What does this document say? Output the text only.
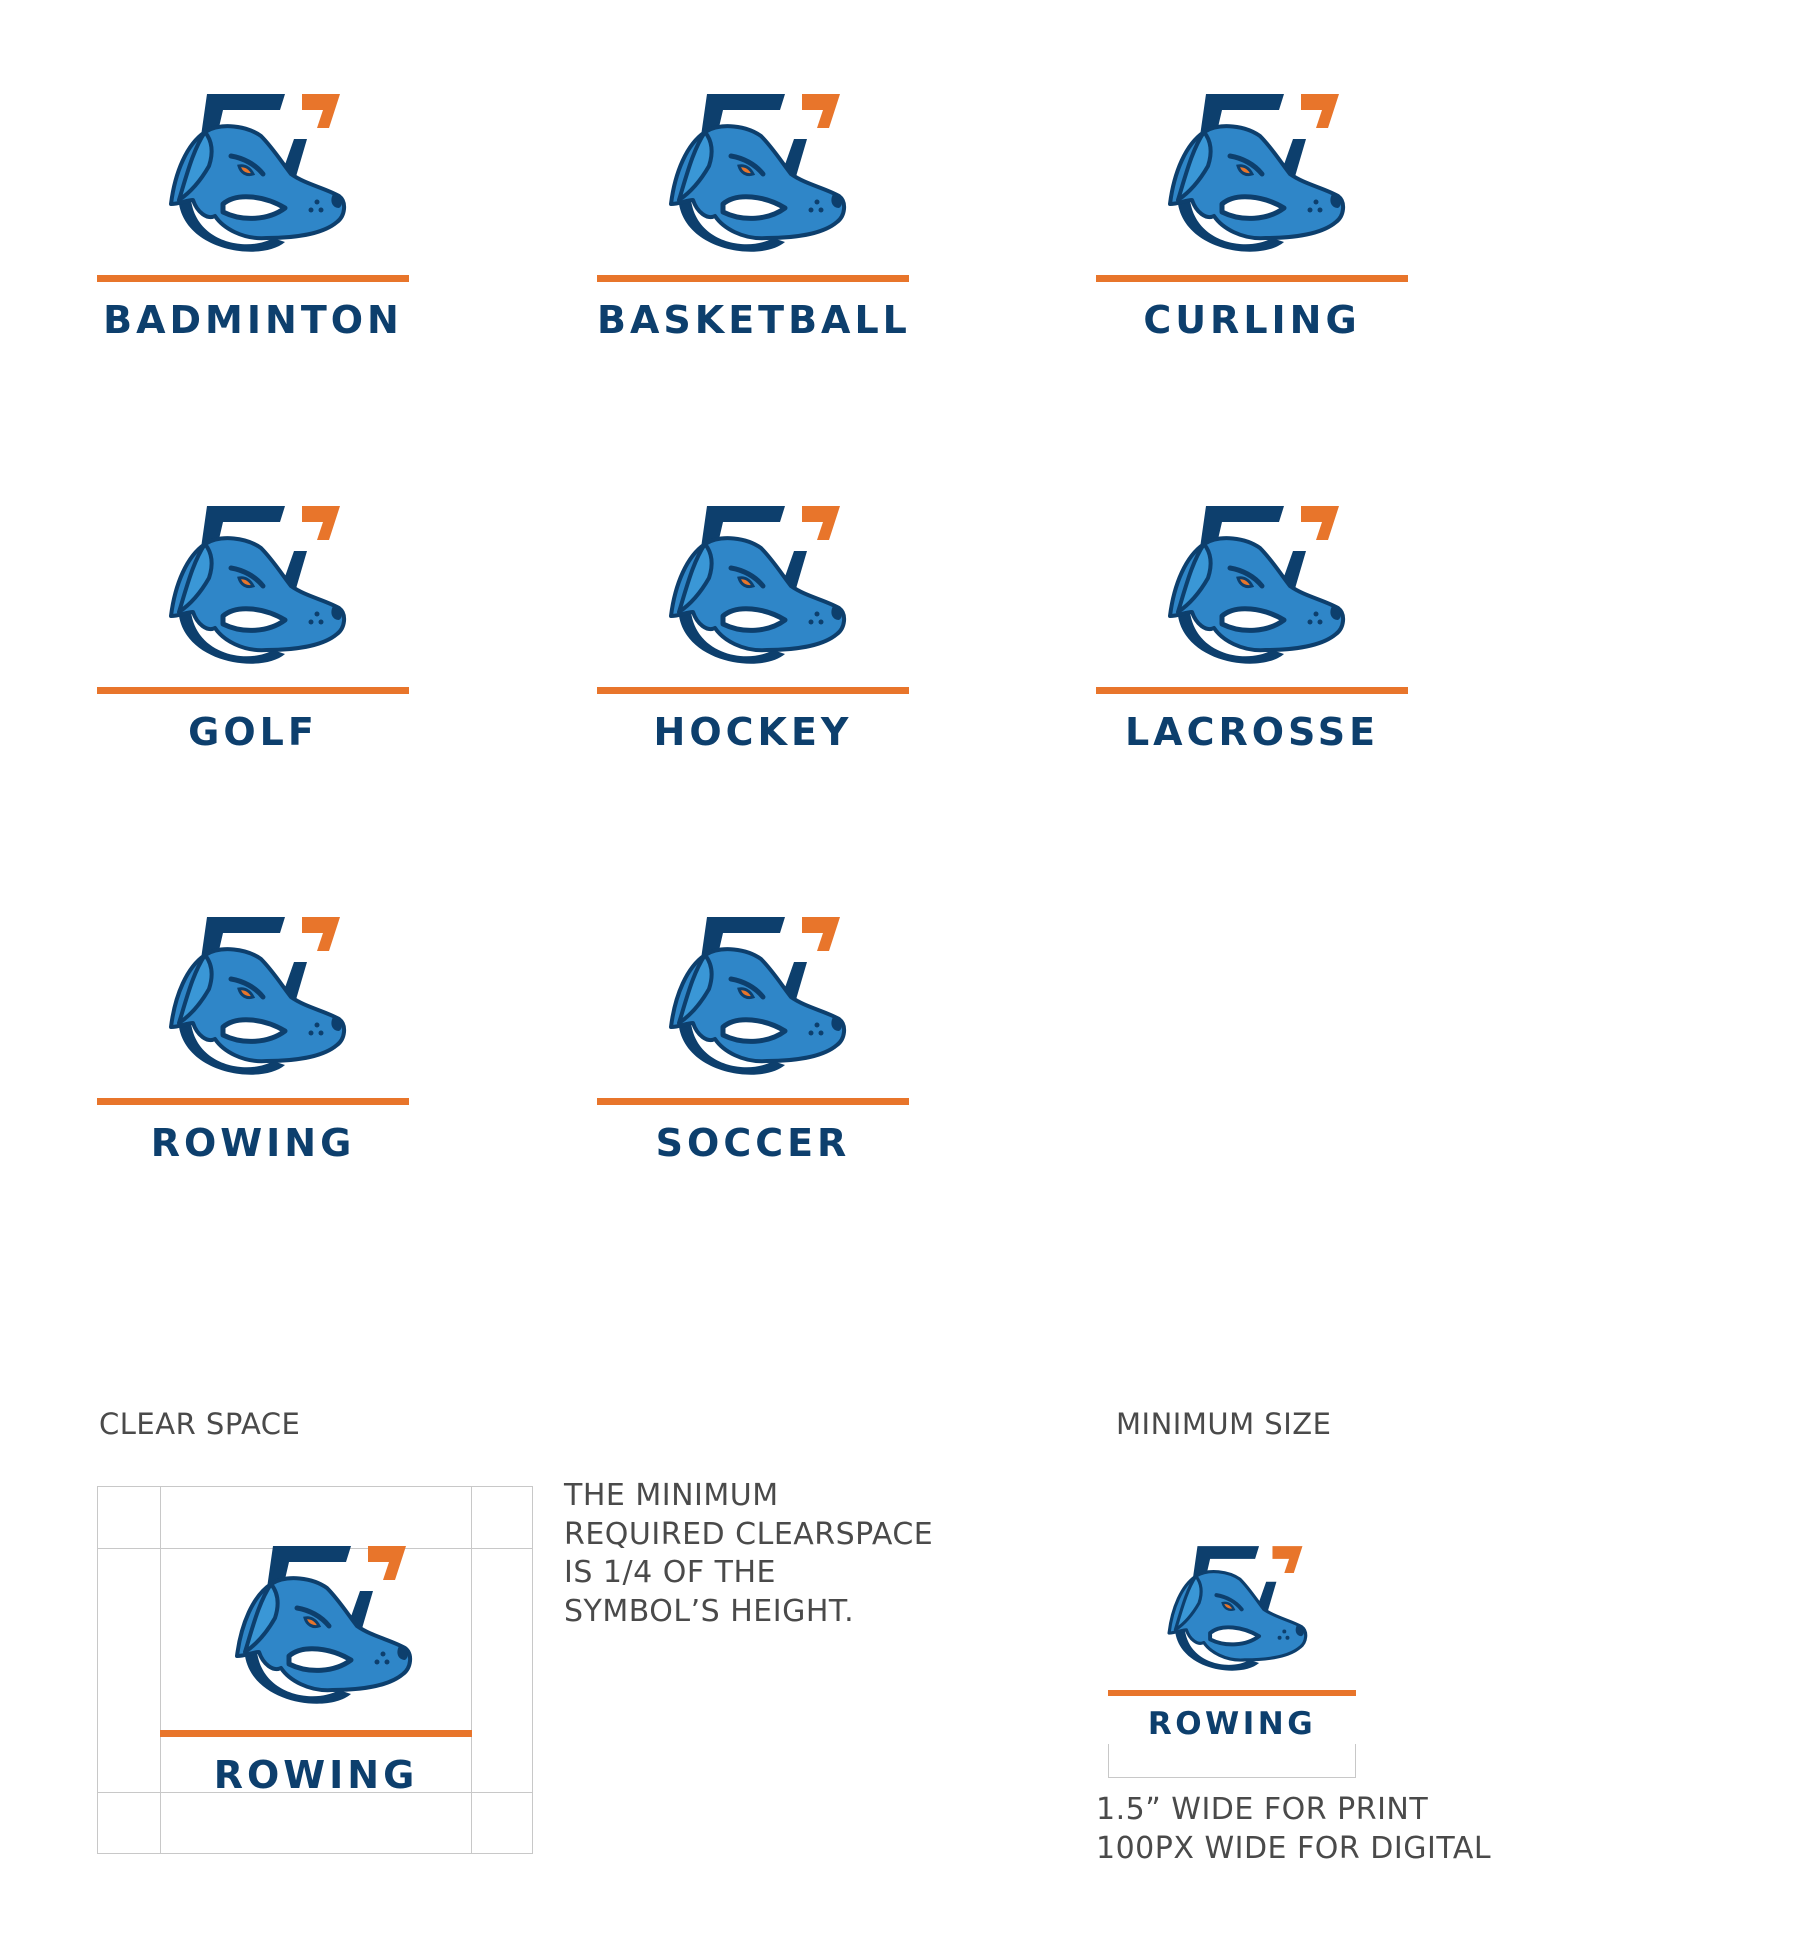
BADMINTON	BASKETBALL	CURLING
GOLF	HOCKEY	LACROSSE
ROWING	SOCCER
CLEAR SPACE
ROWING
THE MINIMUM
REQUIRED CLEARSPACE
IS 1/4 OF THE
SYMBOL’S HEIGHT.
MINIMUM SIZE
ROWING
1.5” WIDE FOR PRINT
100PX WIDE FOR DIGITAL
